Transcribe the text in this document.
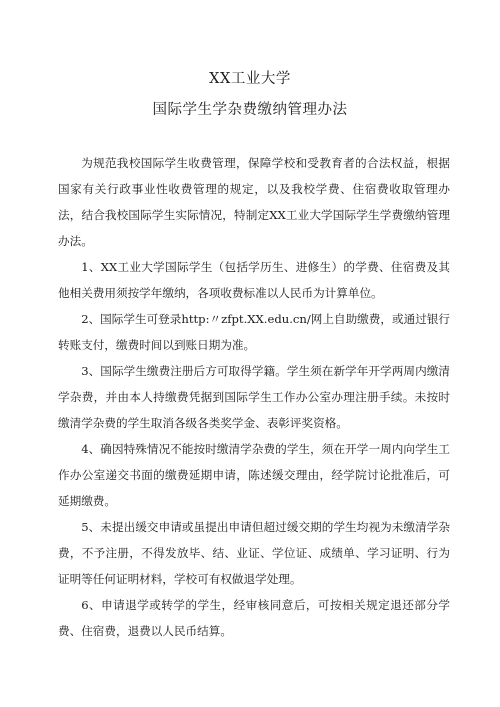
XX工业大学
国际学生学杂费缴纳管理办法

为规范我校国际学生收费管理，保障学校和受教育者的合法权益，根据国家有关行政事业性收费管理的规定，以及我校学费、住宿费收取管理办法，结合我校国际学生实际情况，特制定XX工业大学国际学生学费缴纳管理办法。

1、XX工业大学国际学生（包括学历生、进修生）的学费、住宿费及其他相关费用须按学年缴纳，各项收费标准以人民币为计算单位。

2、国际学生可登录http:〃zfpt.XX.edu.cn/网上自助缴费，或通过银行转账支付，缴费时间以到账日期为准。

3、国际学生缴费注册后方可取得学籍。学生须在新学年开学两周内缴清学杂费，并由本人持缴费凭据到国际学生工作办公室办理注册手续。未按时缴清学杂费的学生取消各级各类奖学金、表彰评奖资格。

4、确因特殊情况不能按时缴清学杂费的学生，须在开学一周内向学生工作办公室递交书面的缴费延期申请，陈述缓交理由，经学院讨论批准后，可延期缴费。

5、未提出缓交申请或虽提出申请但超过缓交期的学生均视为未缴清学杂费，不予注册，不得发放毕、结、业证、学位证、成绩单、学习证明、行为证明等任何证明材料，学校可有权做退学处理。

6、申请退学或转学的学生，经审核同意后，可按相关规定退还部分学费、住宿费，退费以人民币结算。
